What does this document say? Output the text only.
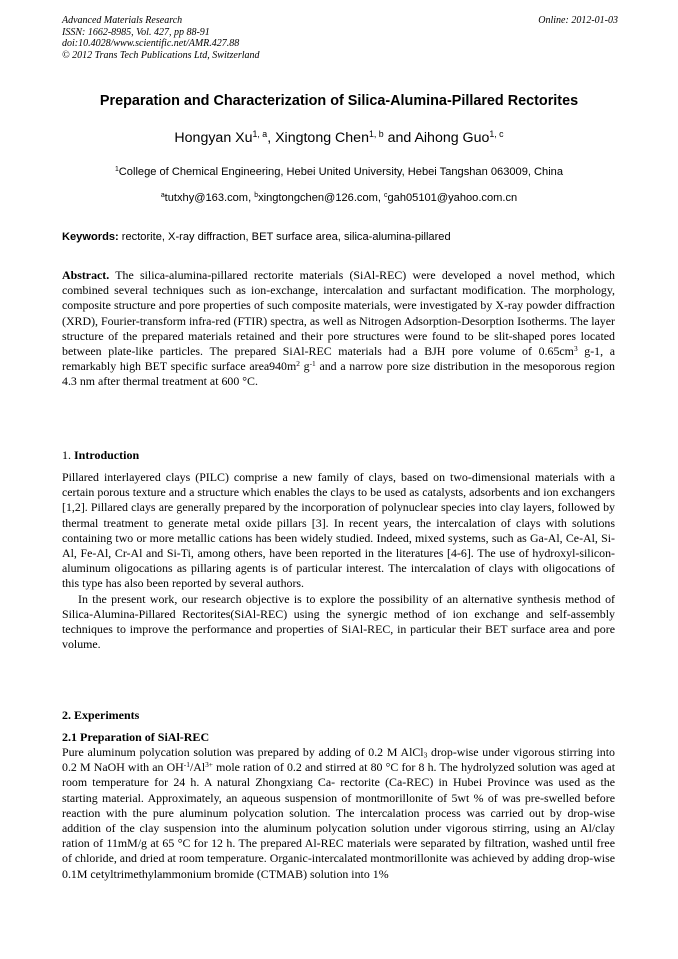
Advanced Materials Research
ISSN: 1662-8985, Vol. 427, pp 88-91
doi:10.4028/www.scientific.net/AMR.427.88
© 2012 Trans Tech Publications Ltd, Switzerland
Online: 2012-01-03
Preparation and Characterization of Silica-Alumina-Pillared Rectorites
Hongyan Xu$^{1, a}$, Xingtong Chen$^{1, b}$ and Aihong Guo$^{1, c}$
$^1$College of Chemical Engineering, Hebei United University, Hebei Tangshan 063009, China
$^a$tutxhy@163.com, $^b$xingtongchen@126.com, $^c$gah05101@yahoo.com.cn
Keywords: rectorite, X-ray diffraction, BET surface area, silica-alumina-pillared
Abstract. The silica-alumina-pillared rectorite materials (SiAl-REC) were developed a novel method, which combined several techniques such as ion-exchange, intercalation and surfactant modification. The morphology, composite structure and pore properties of such composite materials, were investigated by X-ray powder diffraction (XRD), Fourier-transform infra-red (FTIR) spectra, as well as Nitrogen Adsorption-Desorption Isotherms. The layer structure of the prepared materials retained and their pore structures were found to be slit-shaped pores located between plate-like particles. The prepared SiAl-REC materials had a BJH pore volume of $0.65cm^3$ g-1, a remarkably high BET specific surface $area940m^2$ $g^{-1}$ and a narrow pore size distribution in the mesoporous region 4.3 nm after thermal treatment at 600 °C.
1. Introduction

Pillared interlayered clays (PILC) comprise a new family of clays, based on two-dimensional materials with a certain porous texture and a structure which enables the clays to be used as catalysts, adsorbents and ion exchangers [1,2]. Pillared clays are generally prepared by the incorporation of polynuclear species into clay layers, followed by thermal treatment to generate metal oxide pillars [3]. In recent years, the intercalation of clays with solutions containing two or more metallic cations has been widely studied. Indeed, mixed systems, such as Ga-Al, Ce-Al, Si-Al, Fe-Al, Cr-Al and Si-Ti, among others, have been reported in the literatures [4-6]. The use of hydroxyl-silicon-aluminum oligocations as pillaring agents is of particular interest. The intercalation of clays with oligocations of this type has also been reported by several authors.

In the present work, our research objective is to explore the possibility of an alternative synthesis method of Silica-Alumina-Pillared Rectorites(SiAl-REC) using the synergic method of ion exchange and self-assembly techniques to improve the performance and properties of SiAl-REC, in particular their BET surface area and pore volume.

2. Experiments
2.1 Preparation of SiAl-REC
Pure aluminum polycation solution was prepared by adding of 0.2 M AlCl$_3$ drop-wise under vigorous stirring into 0.2 M NaOH with an $OH^{-1}/Al^{3+}$ mole ration of 0.2 and stirred at 80 °C for 8 h. The hydrolyzed solution was aged at room temperature for 24 h. A natural Zhongxiang Ca- rectorite (Ca-REC) in Hubei Province was used as the starting material. Approximately, an aqueous suspension of montmorillonite of 5wt % of was pre-swelled before reaction with the pure aluminum polycation solution. The intercalation process was carried out by drop-wise addition of the clay suspension into the aluminum polycation solution under vigorous stirring, using an Al/clay ration of 11mM/g at 65 °C for 12 h. The prepared Al-REC materials were separated by filtration, washed until free of chloride, and dried at room temperature. Organic-intercalated montmorillonite was achieved by adding drop-wise 0.1M cetyltrimethylammonium bromide (CTMAB) solution into 1%
